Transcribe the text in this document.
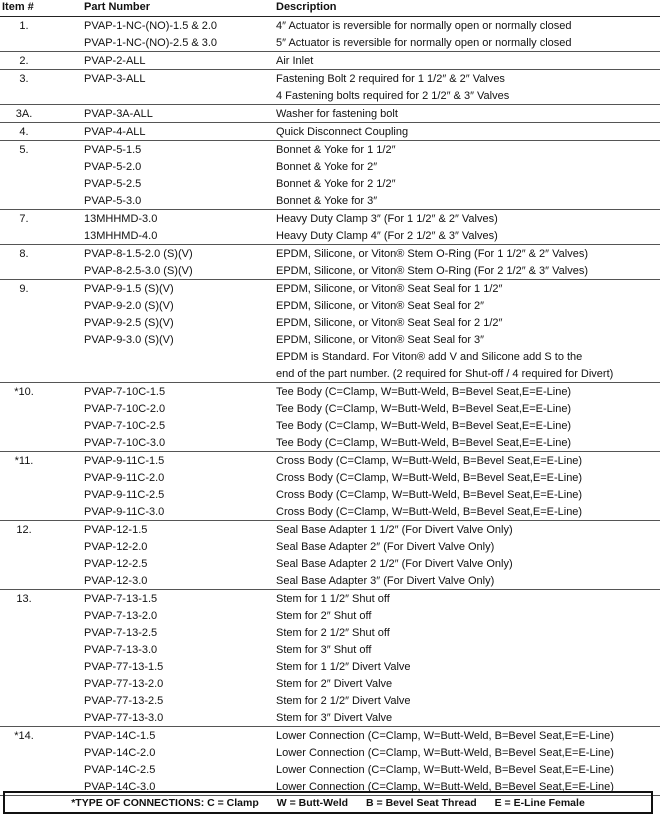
Item #	Part Number	Description
1.	PVAP-1-NC-(NO)-1.5 & 2.0	4″ Actuator is reversible for normally open or normally closed
PVAP-1-NC-(NO)-2.5 & 3.0	5″ Actuator is reversible for normally open or normally closed
2.	PVAP-2-ALL	Air Inlet
3.	PVAP-3-ALL	Fastening Bolt 2 required for 1 1/2″ & 2″ Valves
4 Fastening bolts required for 2 1/2″ & 3″ Valves
3A.	PVAP-3A-ALL	Washer for fastening bolt
4.	PVAP-4-ALL	Quick Disconnect Coupling
5.	PVAP-5-1.5	Bonnet & Yoke for 1 1/2″
PVAP-5-2.0	Bonnet & Yoke for 2″
PVAP-5-2.5	Bonnet & Yoke for 2 1/2″
PVAP-5-3.0	Bonnet & Yoke for 3″
7.	13MHHMD-3.0	Heavy Duty Clamp 3″ (For 1 1/2″ & 2″ Valves)
13MHHMD-4.0	Heavy Duty Clamp 4″ (For 2 1/2″ & 3″ Valves)
8.	PVAP-8-1.5-2.0 (S)(V)	EPDM, Silicone, or Viton® Stem O-Ring (For 1 1/2″ & 2″ Valves)
PVAP-8-2.5-3.0 (S)(V)	EPDM, Silicone, or Viton® Stem O-Ring (For 2 1/2″ & 3″ Valves)
9.	PVAP-9-1.5 (S)(V)	EPDM, Silicone, or Viton® Seat Seal for 1 1/2″
PVAP-9-2.0 (S)(V)	EPDM, Silicone, or Viton® Seat Seal for 2″
PVAP-9-2.5 (S)(V)	EPDM, Silicone, or Viton® Seat Seal for 2 1/2″
PVAP-9-3.0 (S)(V)	EPDM, Silicone, or Viton® Seat Seal for 3″
EPDM is Standard. For Viton® add V and Silicone add S to the
end of the part number. (2 required for Shut-off / 4 required for Divert)
*10.	PVAP-7-10C-1.5	Tee Body (C=Clamp, W=Butt-Weld, B=Bevel Seat,E=E-Line)
PVAP-7-10C-2.0	Tee Body (C=Clamp, W=Butt-Weld, B=Bevel Seat,E=E-Line)
PVAP-7-10C-2.5	Tee Body (C=Clamp, W=Butt-Weld, B=Bevel Seat,E=E-Line)
PVAP-7-10C-3.0	Tee Body (C=Clamp, W=Butt-Weld, B=Bevel Seat,E=E-Line)
*11.	PVAP-9-11C-1.5	Cross Body (C=Clamp, W=Butt-Weld, B=Bevel Seat,E=E-Line)
PVAP-9-11C-2.0	Cross Body (C=Clamp, W=Butt-Weld, B=Bevel Seat,E=E-Line)
PVAP-9-11C-2.5	Cross Body (C=Clamp, W=Butt-Weld, B=Bevel Seat,E=E-Line)
PVAP-9-11C-3.0	Cross Body (C=Clamp, W=Butt-Weld, B=Bevel Seat,E=E-Line)
12.	PVAP-12-1.5	Seal Base Adapter 1 1/2″ (For Divert Valve Only)
PVAP-12-2.0	Seal Base Adapter 2″ (For Divert Valve Only)
PVAP-12-2.5	Seal Base Adapter 2 1/2″ (For Divert Valve Only)
PVAP-12-3.0	Seal Base Adapter 3″ (For Divert Valve Only)
13.	PVAP-7-13-1.5	Stem for 1 1/2″ Shut off
PVAP-7-13-2.0	Stem for 2″ Shut off
PVAP-7-13-2.5	Stem for 2 1/2″ Shut off
PVAP-7-13-3.0	Stem for 3″ Shut off
PVAP-77-13-1.5	Stem for 1 1/2″ Divert Valve
PVAP-77-13-2.0	Stem for 2″ Divert Valve
PVAP-77-13-2.5	Stem for 2 1/2″ Divert Valve
PVAP-77-13-3.0	Stem for 3″ Divert Valve
*14.	PVAP-14C-1.5	Lower Connection (C=Clamp, W=Butt-Weld, B=Bevel Seat,E=E-Line)
PVAP-14C-2.0	Lower Connection (C=Clamp, W=Butt-Weld, B=Bevel Seat,E=E-Line)
PVAP-14C-2.5	Lower Connection (C=Clamp, W=Butt-Weld, B=Bevel Seat,E=E-Line)
PVAP-14C-3.0	Lower Connection (C=Clamp, W=Butt-Weld, B=Bevel Seat,E=E-Line)
*TYPE OF CONNECTIONS: C = Clamp W = Butt-Weld B = Bevel Seat Thread E = E-Line Female
